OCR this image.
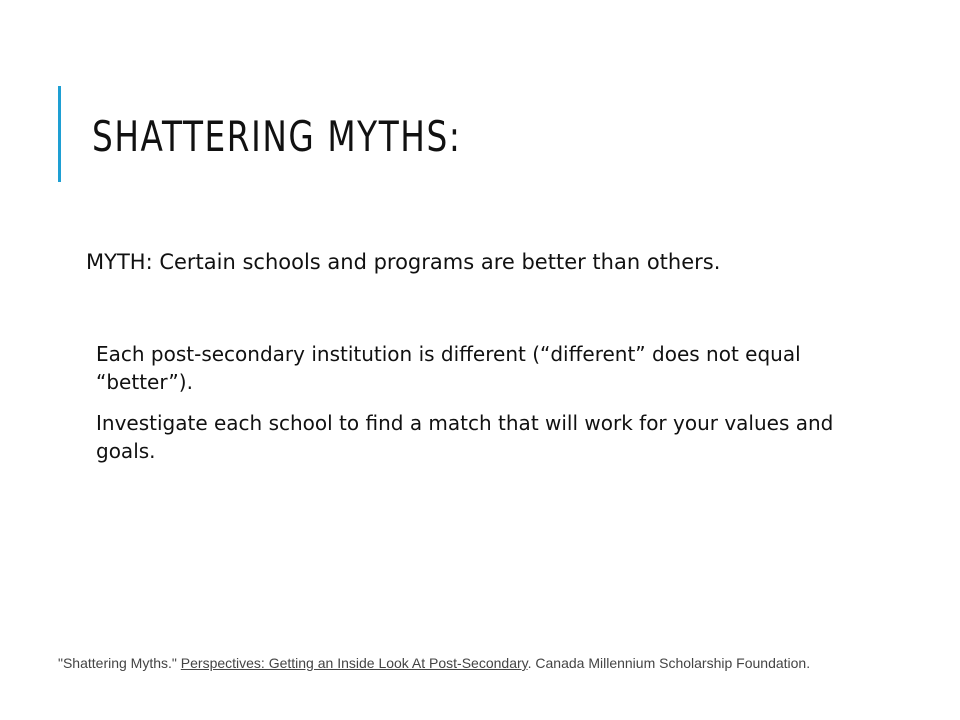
SHATTERING MYTHS:

MYTH: Certain schools and programs are better than others.

Each post-secondary institution is different (“different” does not equal “better”).
Investigate each school to find a match that will work for your values and goals.

"Shattering Myths." Perspectives: Getting an Inside Look At Post-Secondary. Canada Millennium Scholarship Foundation.
